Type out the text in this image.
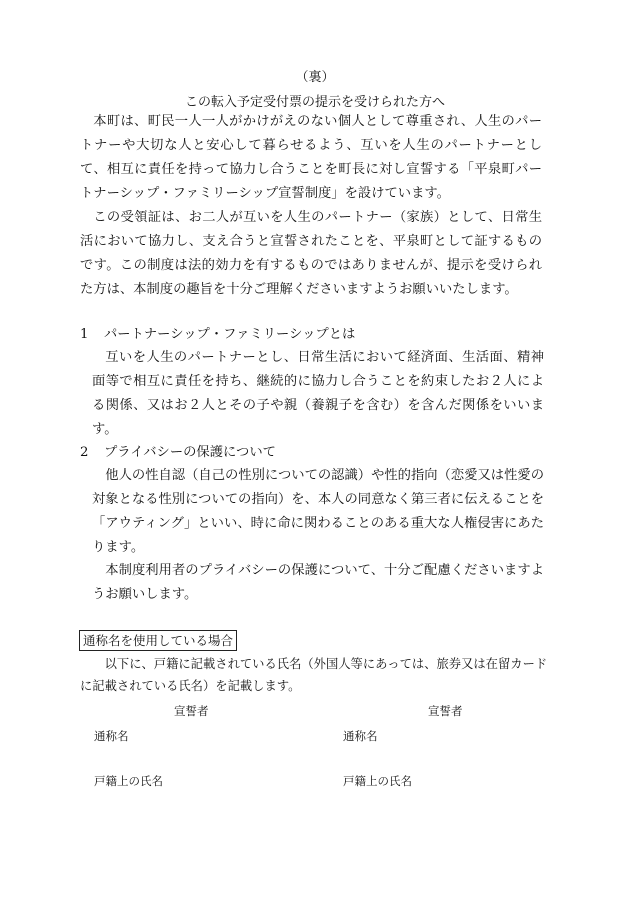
（裏）
この転入予定受付票の提示を受けられた方へ
本町は、町民一人一人がかけがえのない個人として尊重され、人生のパートナーや大切な人と安心して暮らせるよう、互いを人生のパートナーとして、相互に責任を持って協力し合うことを町長に対し宣誓する「平泉町パートナーシップ・ファミリーシップ宣誓制度」を設けています。
この受領証は、お二人が互いを人生のパートナー（家族）として、日常生活において協力し、支え合うと宣誓されたことを、平泉町として証するものです。この制度は法的効力を有するものではありませんが、提示を受けられた方は、本制度の趣旨を十分ご理解くださいますようお願いいたします。
1 パートナーシップ・ファミリーシップとは
互いを人生のパートナーとし、日常生活において経済面、生活面、精神面等で相互に責任を持ち、継続的に協力し合うことを約束したお２人による関係、又はお２人とその子や親（養親子を含む）を含んだ関係をいいます。
2 プライバシーの保護について
他人の性自認（自己の性別についての認識）や性的指向（恋愛又は性愛の対象となる性別についての指向）を、本人の同意なく第三者に伝えることを「アウティング」といい、時に命に関わることのある重大な人権侵害にあたります。
本制度利用者のプライバシーの保護について、十分ご配慮くださいますようお願いします。
通称名を使用している場合
以下に、戸籍に記載されている氏名（外国人等にあっては、旅券又は在留カードに記載されている氏名）を記載します。
宣誓者	宣誓者
通称名	通称名
戸籍上の氏名	戸籍上の氏名
